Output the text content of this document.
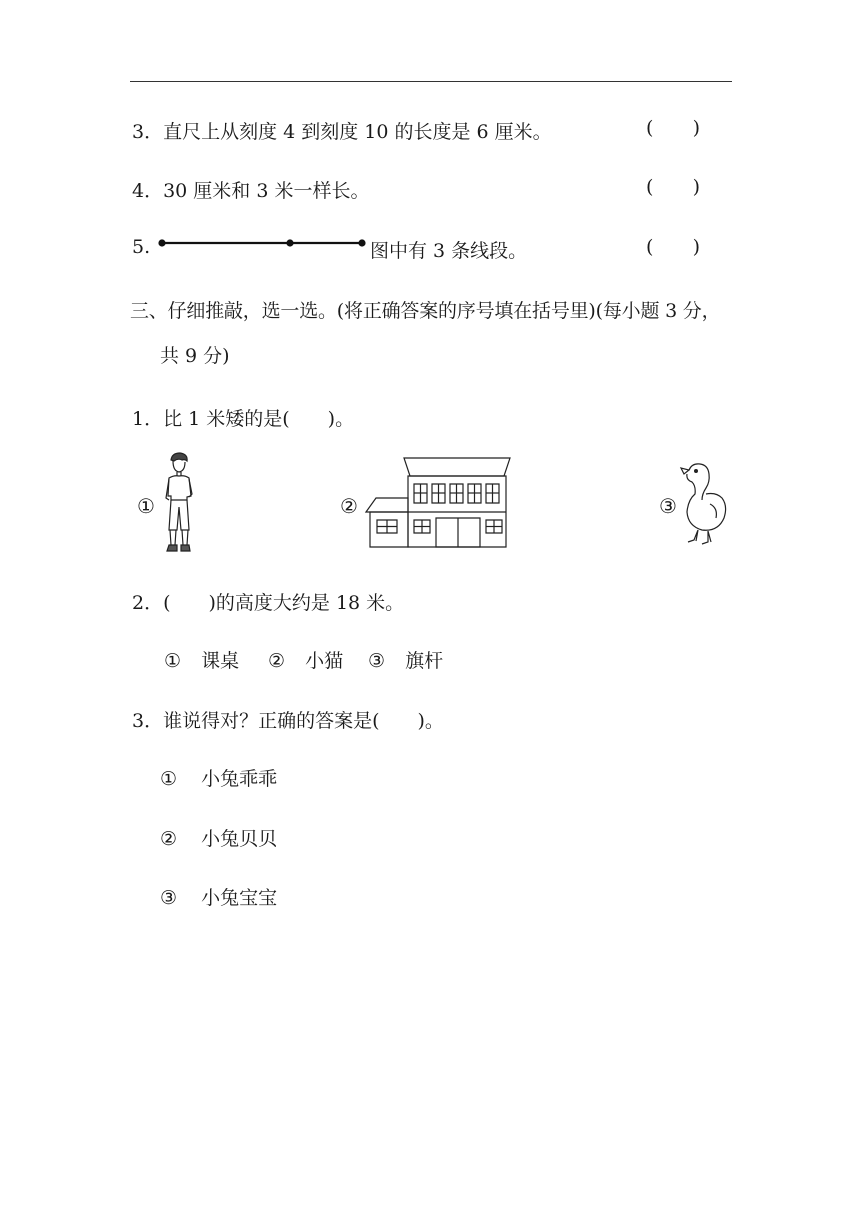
3．直尺上从刻度 4 到刻度 10 的长度是 6 厘米。	( )
4．30 厘米和 3 米一样长。	( )
5.	图中有 3 条线段。	( )
三、仔细推敲，选一选。(将正确答案的序号填在括号里)(每小题 3 分，
共 9 分)
1．比 1 米矮的是(　　)。
①	②	③
2．(　　)的高度大约是 18 米。
① 课桌 ② 小猫 ③ 旗杆
3．谁说得对？正确的答案是(　　)。
① 小兔乖乖
② 小兔贝贝
③ 小兔宝宝
